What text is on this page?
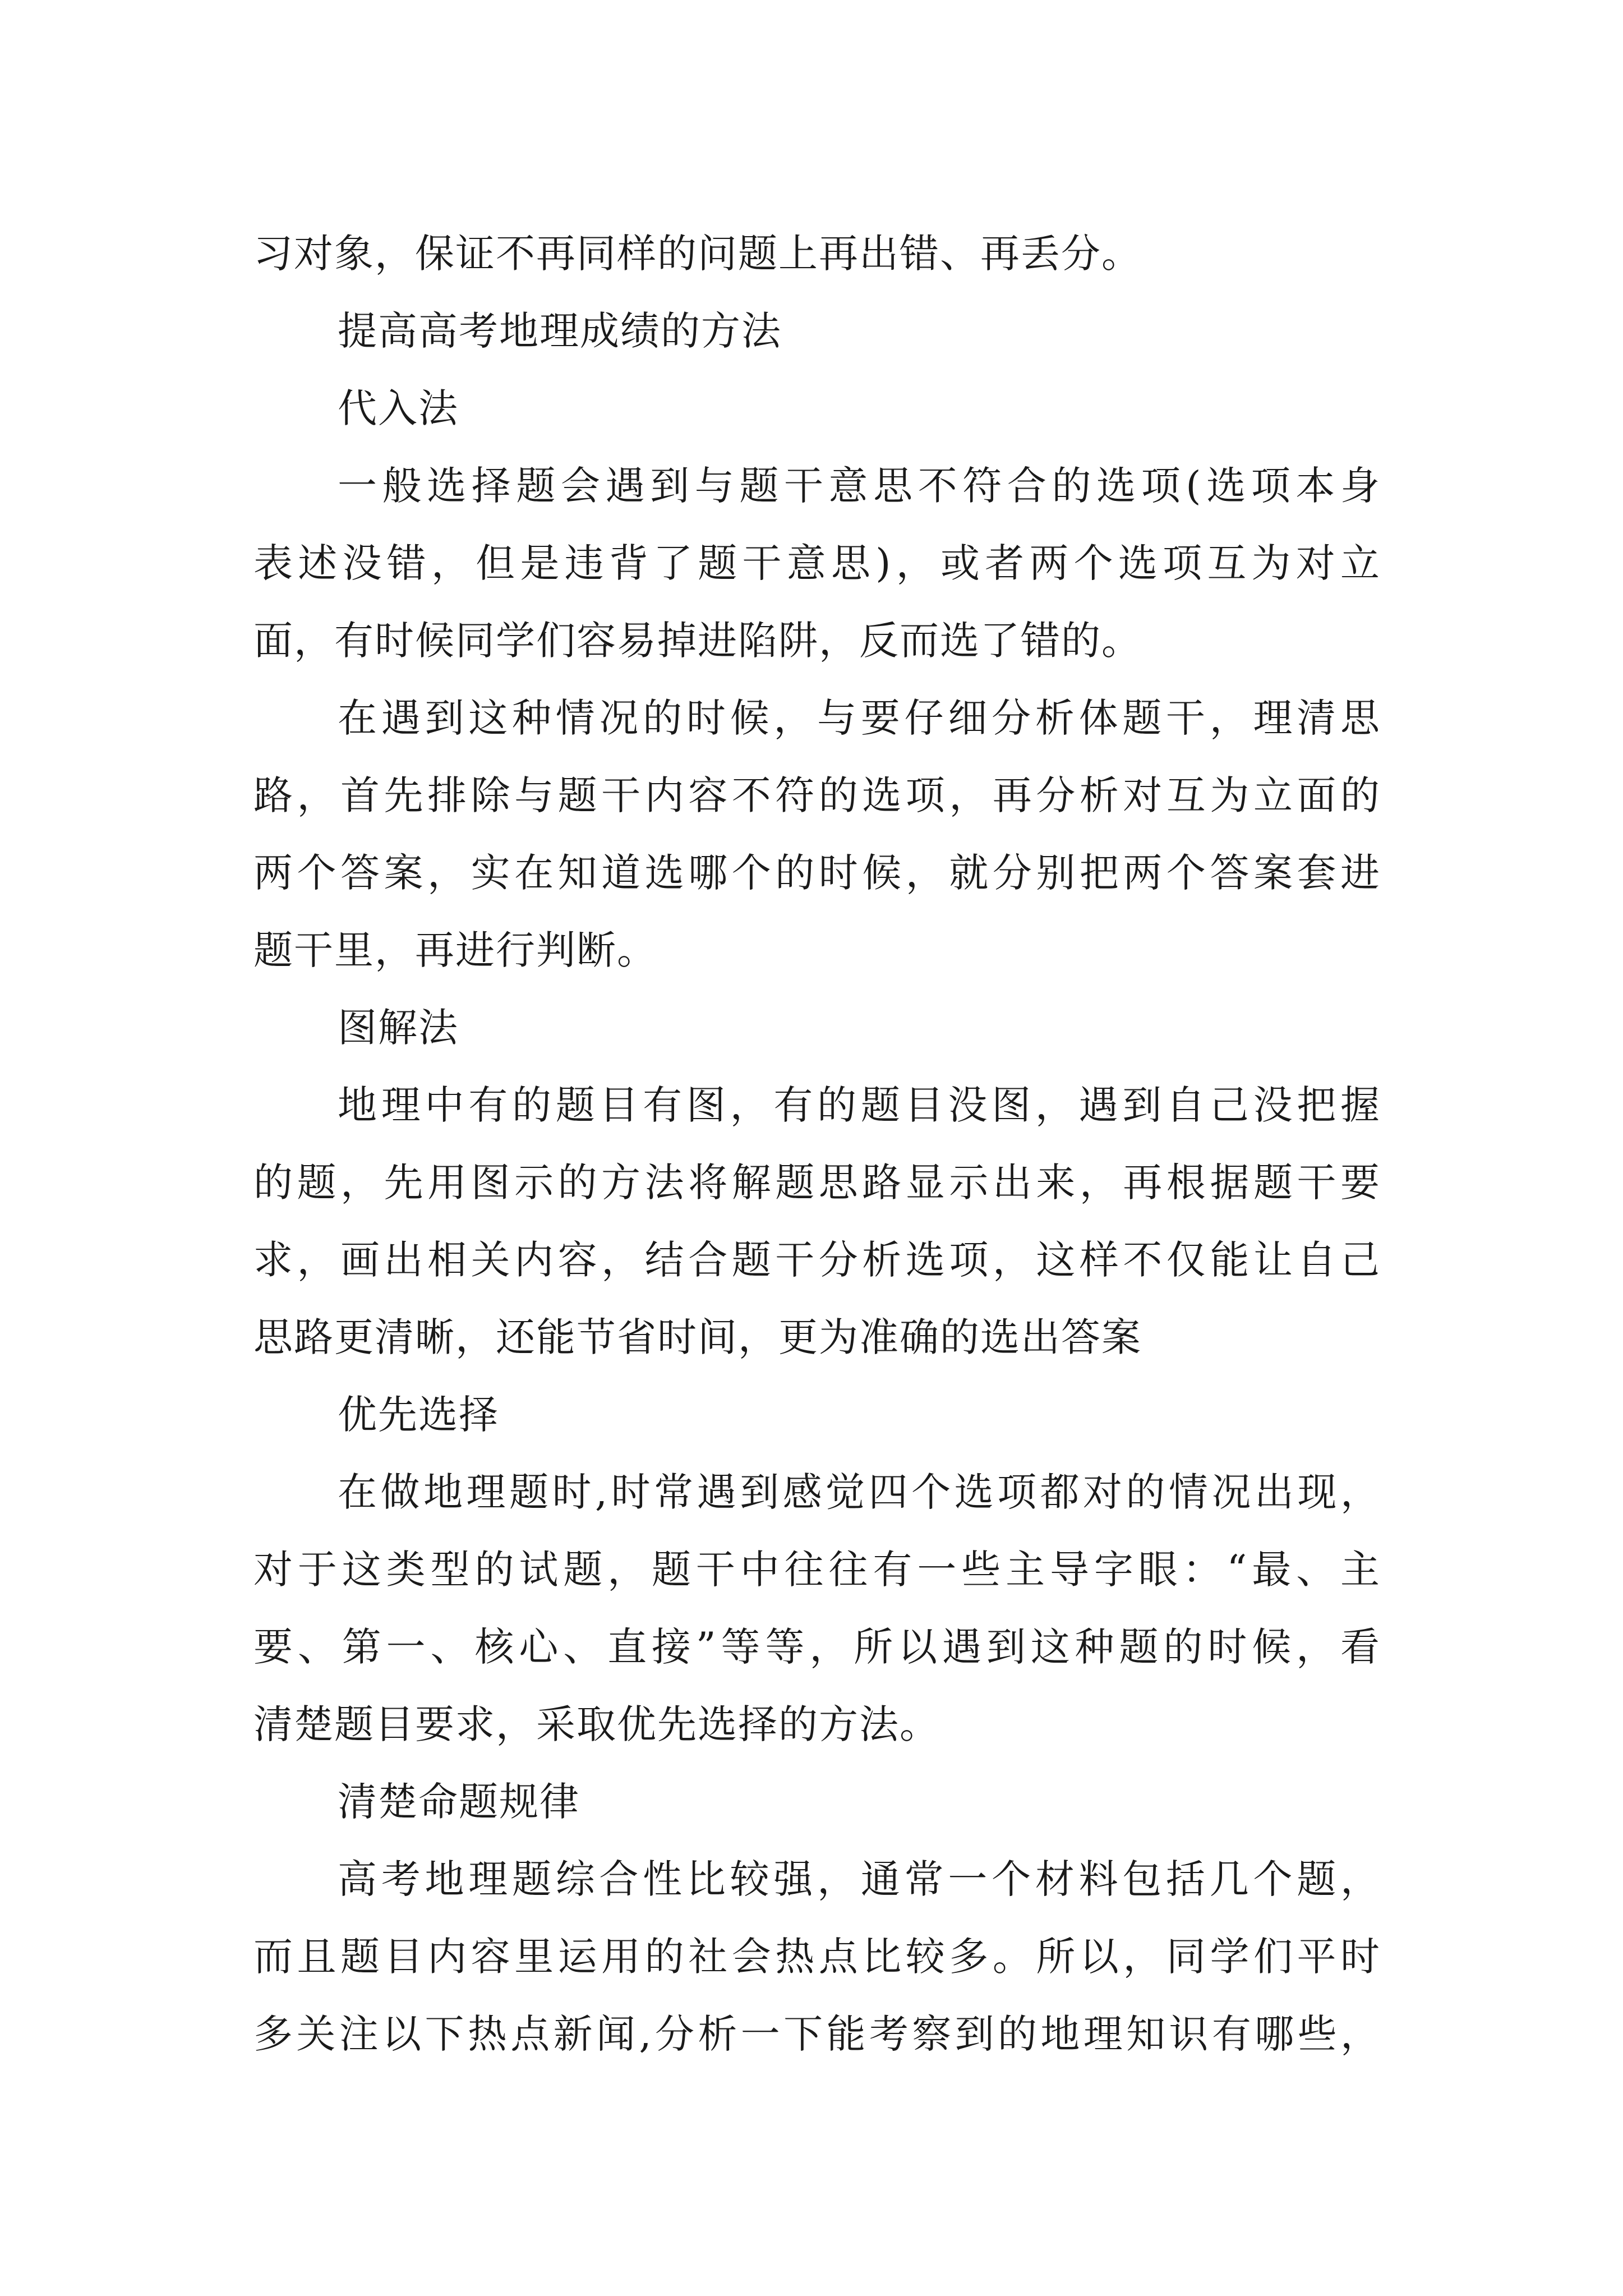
习对象，保证不再同样的问题上再出错、再丢分。
提高高考地理成绩的方法
代入法
一般选择题会遇到与题干意思不符合的选项(选项本身
表述没错，但是违背了题干意思)，或者两个选项互为对立
面，有时候同学们容易掉进陷阱，反而选了错的。
在遇到这种情况的时候，与要仔细分析体题干，理清思
路，首先排除与题干内容不符的选项，再分析对互为立面的
两个答案，实在知道选哪个的时候，就分别把两个答案套进
题干里，再进行判断。
图解法
地理中有的题目有图，有的题目没图，遇到自己没把握
的题，先用图示的方法将解题思路显示出来，再根据题干要
求，画出相关内容，结合题干分析选项，这样不仅能让自己
思路更清晰，还能节省时间，更为准确的选出答案
优先选择
在做地理题时,时常遇到感觉四个选项都对的情况出现，
对于这类型的试题，题干中往往有一些主导字眼：“最、主
要、第一、核心、直接”等等，所以遇到这种题的时候，看
清楚题目要求，采取优先选择的方法。
清楚命题规律
高考地理题综合性比较强，通常一个材料包括几个题，
而且题目内容里运用的社会热点比较多。所以，同学们平时
多关注以下热点新闻,分析一下能考察到的地理知识有哪些，
